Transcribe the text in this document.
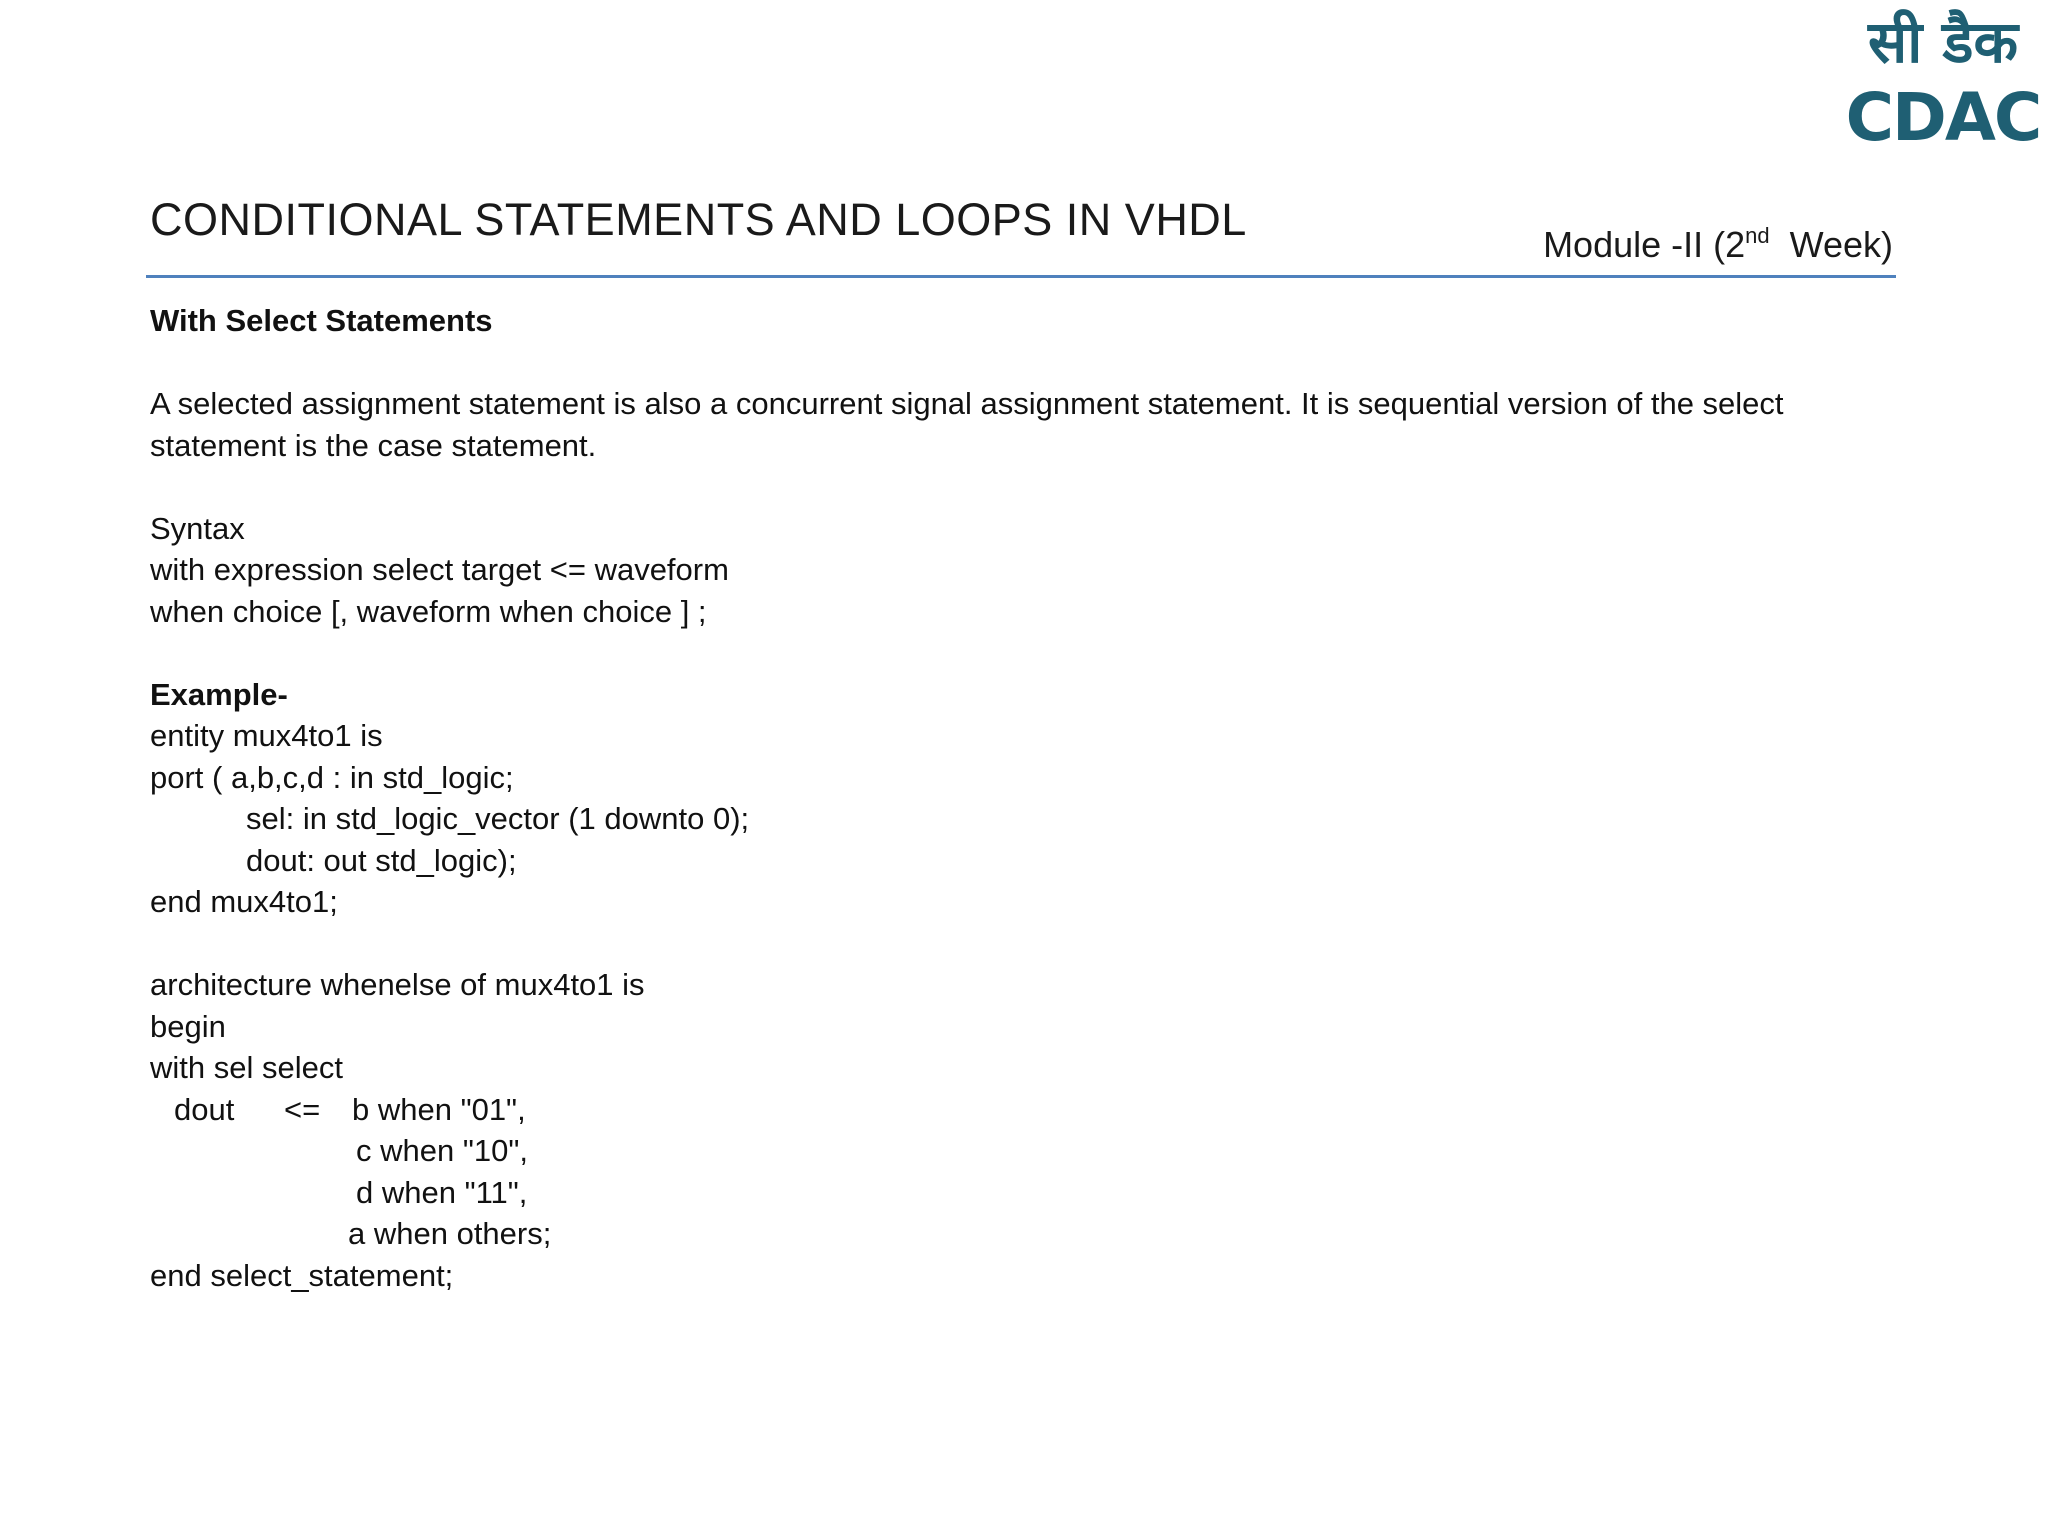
सी डैक
CDAC
CONDITIONAL STATEMENTS AND LOOPS IN VHDL	Module -II (2nd  Week)
With Select Statements
A selected assignment statement is also a concurrent signal assignment statement. It is sequential version of the select statement is the case statement.
Syntax
with expression select target <= waveform
when choice [, waveform when choice ] ;
Example-
entity mux4to1 is
port ( a,b,c,d : in std_logic;
sel: in std_logic_vector (1 downto 0);
dout: out std_logic);
end mux4to1;
architecture whenelse of mux4to1 is
begin
with sel select
dout	<=	b when "01",
c when "10",
d when "11",
a when others;
end select_statement;
